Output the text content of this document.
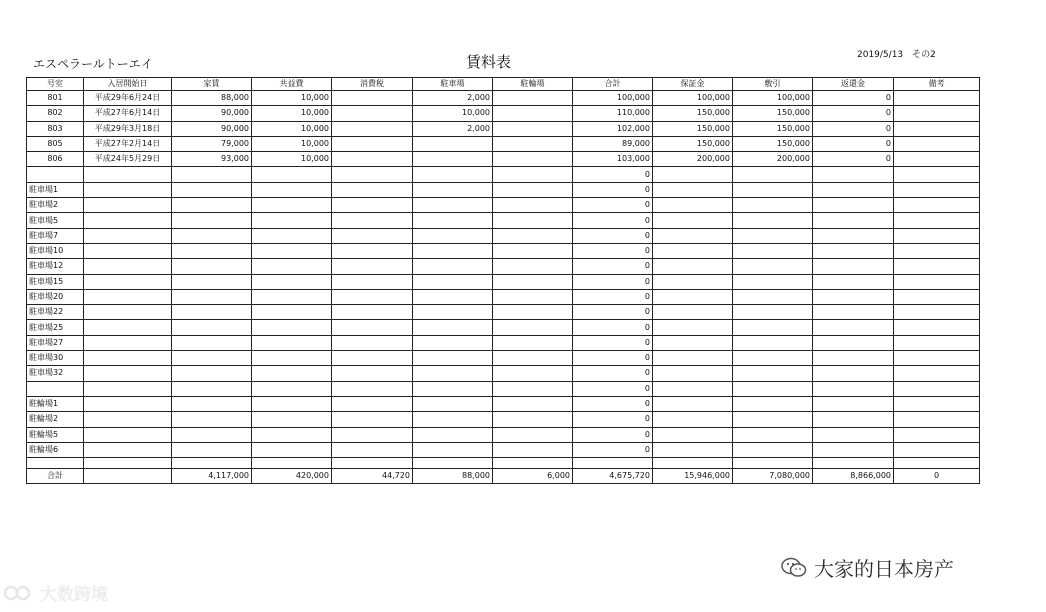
エスペラールトーエイ	賃料表	2019/5/13　その2
号室	入居開始日	家賃	共益費	消費税	駐車場	駐輪場	合計	保証金	敷引	返還金	備考
801	平成29年6月24日	88,000	10,000		2,000		100,000	100,000	100,000	0	
802	平成27年6月14日	90,000	10,000		10,000		110,000	150,000	150,000	0	
803	平成29年3月18日	90,000	10,000		2,000		102,000	150,000	150,000	0	
805	平成27年2月14日	79,000	10,000				89,000	150,000	150,000	0	
806	平成24年5月29日	93,000	10,000				103,000	200,000	200,000	0	
							0				
駐車場1							0				
駐車場2							0				
駐車場5							0				
駐車場7							0				
駐車場10							0				
駐車場12							0				
駐車場15							0				
駐車場20							0				
駐車場22							0				
駐車場25							0				
駐車場27							0				
駐車場30							0				
駐車場32							0				
							0				
駐輪場1							0				
駐輪場2							0				
駐輪場5							0				
駐輪場6							0				

合計		4,117,000	420,000	44,720	88,000	6,000	4,675,720	15,946,000	7,080,000	8,866,000	0
大数跨境
大家的日本房产
